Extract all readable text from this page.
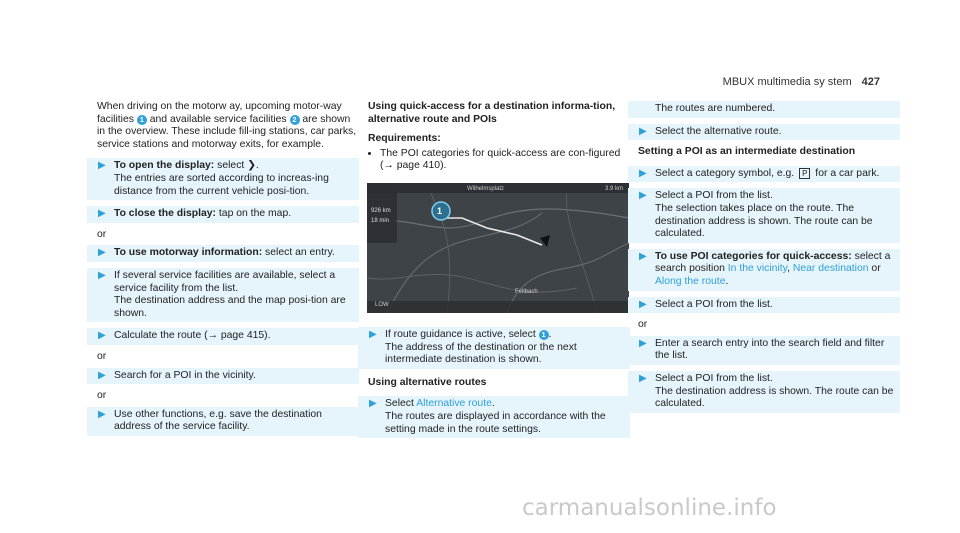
MBUX multimedia sy stem 427

When driving on the motorw ay, upcoming motor-way facilities 1 and available service facilities 2 are shown in the overview. These include fill-ing stations, car parks, service stations and motorway exits, for example.

▶ To open the display: select ❯.
The entries are sorted according to increas-ing distance from the current vehicle posi-tion.
▶ To close the display: tap on the map.

or

▶ To use motorway information: select an entry.
▶ If several service facilities are available, select a service facility from the list.
The destination address and the map posi-tion are shown.
▶ Calculate the route (→ page 415).

or

▶ Search for a POI in the vicinity.

or

▶ Use other functions, e.g. save the destination address of the service facility.

Using quick-access for a destination informa-tion, alternative route and POIs

Requirements:

• The POI categories for quick-access are con-figured (→ page 410).
Wilhelmsplatz	3.9 km
926 km
18 min
LOW
Fellbach
1
▶ If route guidance is active, select 1 .
The address of the destination or the next intermediate destination is shown.

Using alternative routes

▶ Select Alternative route.
The routes are displayed in accordance with the setting made in the route settings.
The routes are numbered.
▶ Select the alternative route.

Setting a POI as an intermediate destination

▶ Select a category symbol, e.g. P for a car park.
▶ Select a POI from the list.
The selection takes place on the route. The destination address is shown. The route can be calculated.
▶ To use POI categories for quick-access: select a search position In the vicinity, Near destination or Along the route.
▶ Select a POI from the list.

or

▶ Enter a search entry into the search field and filter the list.
▶ Select a POI from the list.
The destination address is shown. The route can be calculated.
carmanualsonline.info
